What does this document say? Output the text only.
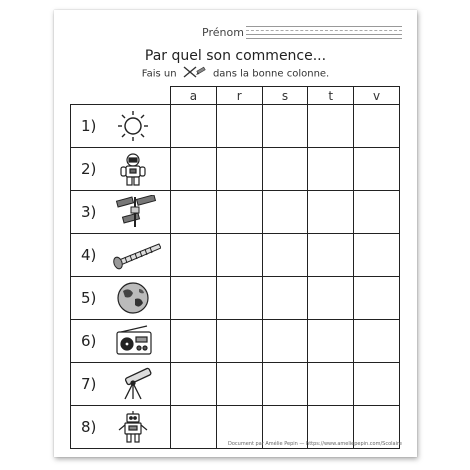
Prénom
Par quel son commence...
Fais un	dans la bonne colonne.
	a	r	s	t	v

1)					

2)					

3)					

4)					

5)					

6)					

7)					

8)					

Document par Amélie Pepin — https://www.ameliepepin.com/Scolaire
